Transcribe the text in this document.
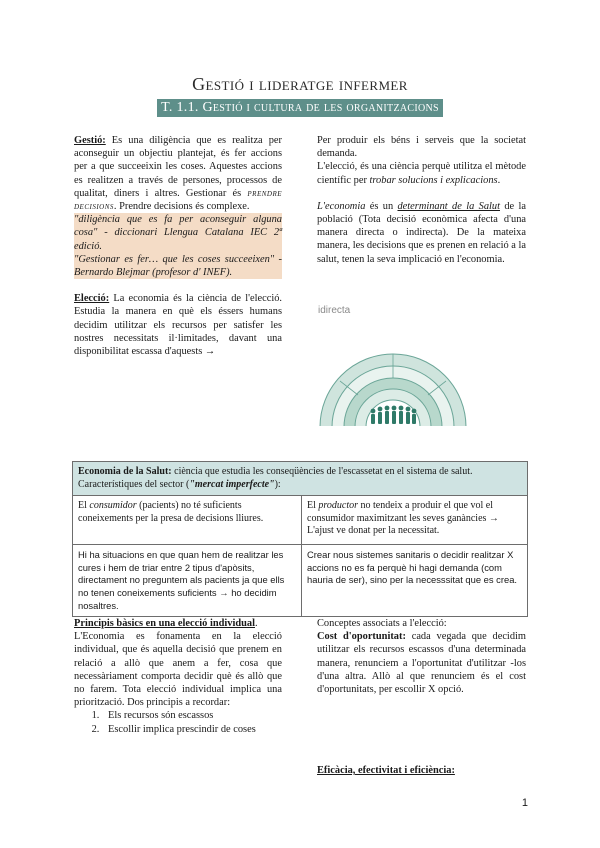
Gestió i lideratge infermer
T. 1.1. Gestió i cultura de les organitzacions

Gestió: Es una diligència que es realitza per aconseguir un objectiu plantejat, és fer accions per a que succeeixin les coses. Aquestes accions es realitzen a través de persones, processos de qualitat, diners i altres. Gestionar és prendre decisions. Prendre decisions és complexe.

"diligència que es fa per aconseguir alguna cosa" - diccionari Llengua Catalana IEC 2ª edició.

"Gestionar es fer… que les coses succeeixen" - Bernardo Blejmar (profesor d' INEF).

Elecció: La economia és la ciència de l'elecció. Estudia la manera en què els éssers humans decidim utilitzar els recursos per satisfer les nostres necessitats il·limitades, davant una disponibilitat escassa d'aquests →

Per produir els béns i serveis que la societat demanda.

L'elecció, és una ciència perquè utilitza el mètode científic per trobar solucions i explicacions.

L'economia és un determinant de la Salut de la població (Tota decisió econòmica afecta d'una manera directa o indirecta). De la mateixa manera, les decisions que es prenen en relació a la salut, tenen la seva implicació en l'economia.

idirecta
Economia de la Salut: ciència que estudia les conseqüències de l'escassetat en el sistema de salut. Característiques del sector ("mercat imperfecte"):	
El consumidor (pacients) no té suficients coneixements per la presa de decisions lliures.	El productor no tendeix a produir el que vol el consumidor maximitzant les seves ganàncies → L'ajust ve donat per la necessitat.
Hi ha situacions en que quan hem de realitzar les cures i hem de triar entre 2 tipus d'apòsits, directament no preguntem als pacients ja que ells no tenen coneixements suficients → ho decidim nosaltres.	Crear nous sistemes sanitaris o decidir realitzar X accions no es fa perquè hi hagi demanda (com hauria de ser), sino per la necesssitat que es crea.

Principis bàsics en una elecció individual.

L'Economia es fonamenta en la elecció individual, que és aquella decisió que prenem en relació a allò que anem a fer, cosa que necessàriament comporta decidir què és allò que no farem. Tota elecció individual implica una priorització. Dos principis a recordar:

1. Els recursos són escassos
2. Escollir implica prescindir de coses

Conceptes associats a l'elecció:

Cost d'oportunitat: cada vegada que decidim utilitzar els recursos escassos d'una determinada manera, renunciem a l'oportunitat d'utilitzar -los d'una altra. Allò al que renunciem és el cost d'oportunitats, per escollir X opció.

Eficàcia, efectivitat i eficiència:

1
